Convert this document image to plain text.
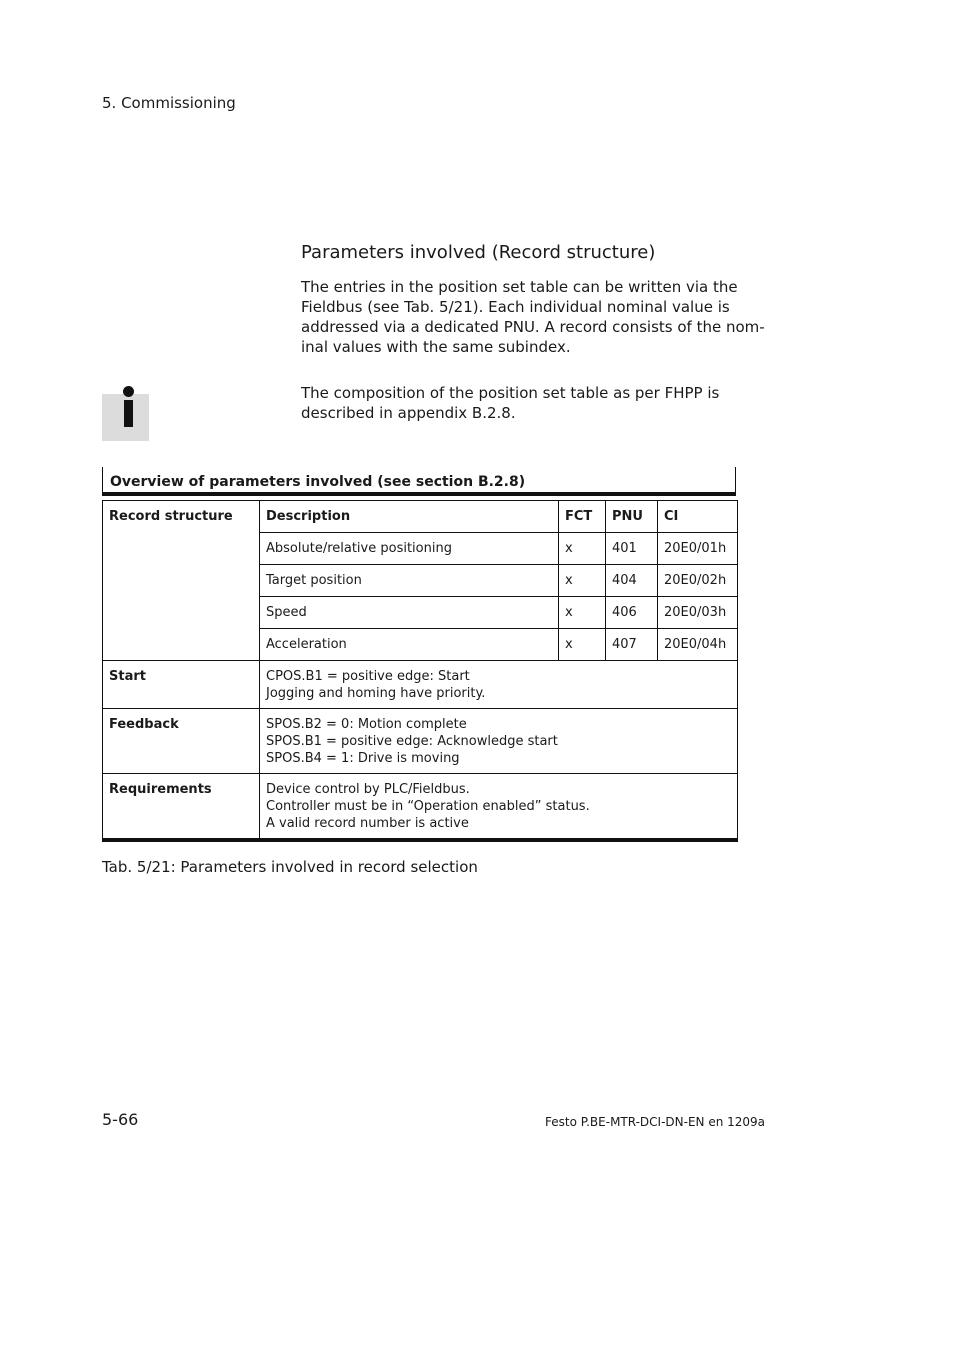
5. Commissioning
Parameters involved (Record structure)
The entries in the position set table can be written via the
Fieldbus (see Tab. 5/21). Each individual nominal value is
addressed via a dedicated PNU. A record consists of the nom-
inal values with the same subindex.
The composition of the position set table as per FHPP is
described in appendix B.2.8.
Overview of parameters involved (see section B.2.8)
Record structure	Description	FCT	PNU	CI
	Absolute/relative positioning	x	401	20E0/01h
	Target position	x	404	20E0/02h
	Speed	x	406	20E0/03h
	Acceleration	x	407	20E0/04h
Start	CPOS.B1 = positive edge: Start
Jogging and homing have priority.			

Feedback	SPOS.B2 = 0: Motion complete
SPOS.B1 = positive edge: Acknowledge start
SPOS.B4 = 1: Drive is moving			

Requirements	Device control by PLC/Fieldbus.
Controller must be in “Operation enabled” status.
A valid record number is active			
Tab. 5/21: Parameters involved in record selection
5-66	Festo P.BE-MTR-DCI-DN-EN en 1209a
